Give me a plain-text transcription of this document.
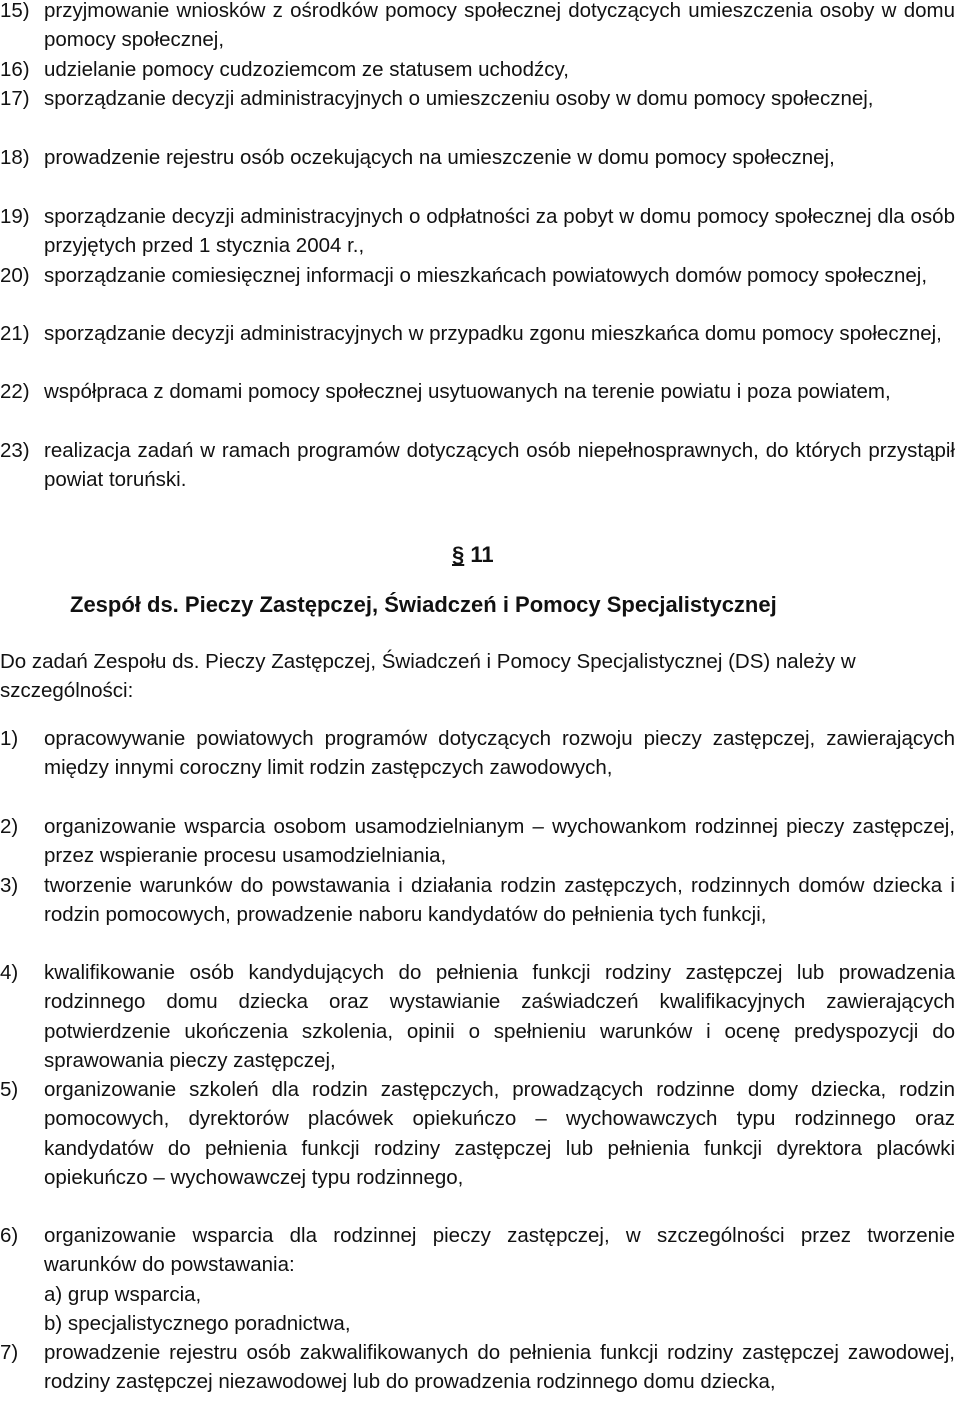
15) przyjmowanie wniosków z ośrodków pomocy społecznej dotyczących umieszczenia osoby w domu pomocy społecznej,
16) udzielanie pomocy cudzoziemcom ze statusem uchodźcy,
17) sporządzanie decyzji administracyjnych o umieszczeniu osoby w domu pomocy społecznej,
18) prowadzenie rejestru osób oczekujących na umieszczenie w domu pomocy społecznej,
19) sporządzanie decyzji administracyjnych o odpłatności za pobyt w domu pomocy społecznej dla osób przyjętych przed 1 stycznia 2004 r.,
20) sporządzanie comiesięcznej informacji o mieszkańcach powiatowych domów pomocy społecznej,
21) sporządzanie decyzji administracyjnych w przypadku zgonu mieszkańca domu pomocy społecznej,
22) współpraca z domami pomocy społecznej usytuowanych na terenie powiatu i poza powiatem,
23) realizacja zadań w ramach programów dotyczących osób niepełnosprawnych, do których przystąpił powiat toruński.
§ 11
Zespół ds. Pieczy Zastępczej, Świadczeń i Pomocy Specjalistycznej
Do zadań Zespołu ds. Pieczy Zastępczej, Świadczeń i Pomocy Specjalistycznej (DS) należy w szczególności:
1)	opracowywanie powiatowych programów dotyczących rozwoju pieczy zastępczej, zawierających między innymi coroczny limit rodzin zastępczych zawodowych,
2)	organizowanie wsparcia osobom usamodzielnianym – wychowankom rodzinnej pieczy zastępczej, przez wspieranie procesu usamodzielniania,
3)	tworzenie warunków do powstawania i działania rodzin zastępczych, rodzinnych domów dziecka i rodzin pomocowych, prowadzenie naboru kandydatów do pełnienia tych funkcji,
4)	kwalifikowanie osób kandydujących do pełnienia funkcji rodziny zastępczej lub prowadzenia rodzinnego domu dziecka oraz wystawianie zaświadczeń kwalifikacyjnych zawierających potwierdzenie ukończenia szkolenia, opinii o spełnieniu warunków i ocenę predyspozycji do sprawowania pieczy zastępczej,
5)	organizowanie szkoleń dla rodzin zastępczych, prowadzących rodzinne domy dziecka, rodzin pomocowych, dyrektorów placówek opiekuńczo – wychowawczych typu rodzinnego oraz kandydatów do pełnienia funkcji rodziny zastępczej lub pełnienia funkcji dyrektora placówki opiekuńczo – wychowawczej typu rodzinnego,
6)	organizowanie wsparcia dla rodzinnej pieczy zastępczej, w szczególności przez tworzenie warunków do powstawania:
a) grup wsparcia,
b) specjalistycznego poradnictwa,
7)	prowadzenie rejestru osób zakwalifikowanych do pełnienia funkcji rodziny zastępczej zawodowej, rodziny zastępczej niezawodowej lub do prowadzenia rodzinnego domu dziecka,
